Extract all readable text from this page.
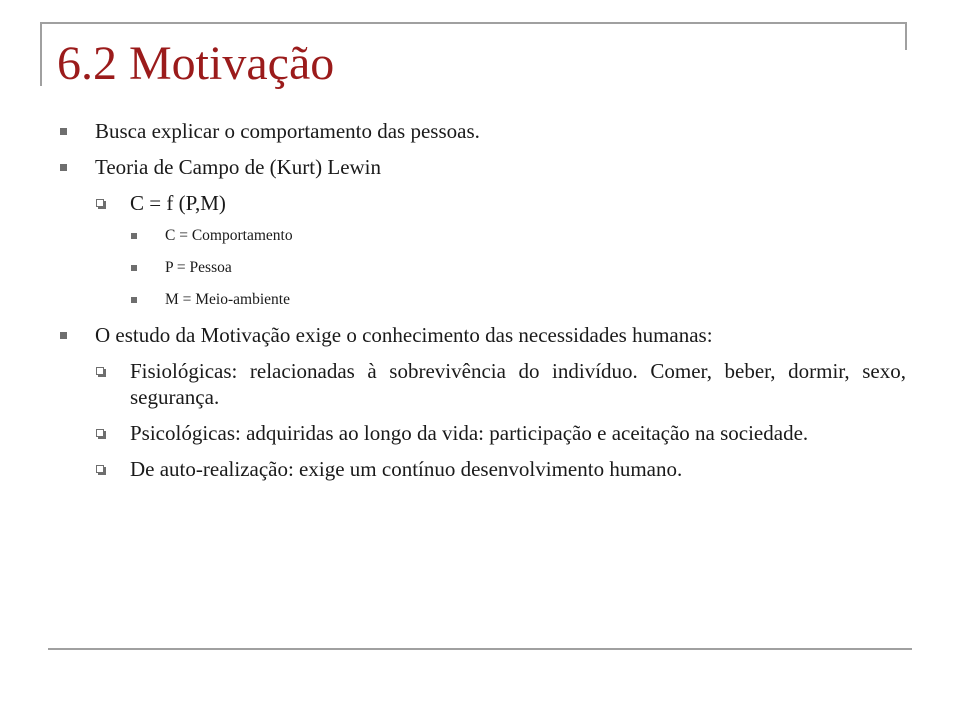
6.2 Motivação
Busca explicar o comportamento das pessoas.
Teoria de Campo de (Kurt) Lewin
C = f (P,M)
C = Comportamento
P = Pessoa
M = Meio-ambiente
O estudo da Motivação exige o conhecimento das necessidades humanas:
Fisiológicas: relacionadas à sobrevivência do indivíduo. Comer, beber, dormir, sexo, segurança.
Psicológicas: adquiridas ao longo da vida: participação e aceitação na sociedade.
De auto-realização: exige um contínuo desenvolvimento humano.
